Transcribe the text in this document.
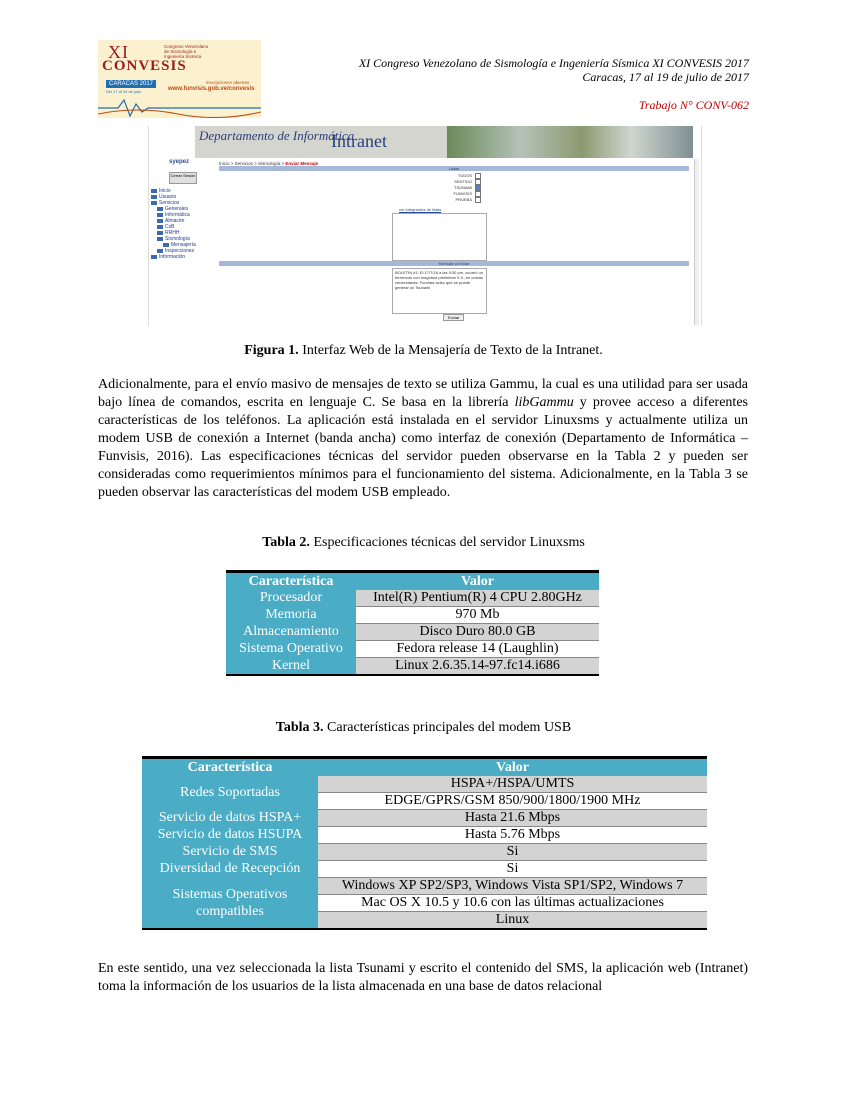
XI
CONVESIS
Congreso Venezolano de Sismología e Ingeniería Sísmica
CARACAS 2017
Del 17 al 19 de julio
inscripciones abiertas
www.funvisis.gob.ve/convesis
XI Congreso Venezolano de Sismología e Ingeniería Sísmica XI CONVESIS 2017
Caracas, 17 al 19 de julio de 2017
Trabajo N° CONV-062
Departamento de Informática
Intranet
syepez	Inicio > Servicios > Sismología > Enviar Mensaje
Cerrar Sesión
Inicio
Usuario
Servicios
Generales
Informática
Almacén
CxB
RRHH
Sismología
Mensajería
Inspecciones
Información
Listas
TODOS
SENTIDO
TSUNAMI
FUNVISIS
PRUEBA
ver integrantes de listas
Mensaje a Enviar
BOLETIN #1: El 17/7/16 a las 9:30 pm, ocurrió un terremoto con magnitud preliminar X.X, en costas venezolanas. Funvisis aviso que se puede generar un Tsunami
Enviar
Figura 1. Interfaz Web de la Mensajería de Texto de la Intranet.
Adicionalmente, para el envío masivo de mensajes de texto se utiliza Gammu, la cual es una utilidad para ser usada bajo línea de comandos, escrita en lenguaje C. Se basa en la librería libGammu y provee acceso a diferentes características de los teléfonos. La aplicación está instalada en el servidor Linuxsms y actualmente utiliza un modem USB de conexión a Internet (banda ancha) como interfaz de conexión (Departamento de Informática – Funvisis, 2016). Las especificaciones técnicas del servidor pueden observarse en la Tabla 2 y pueden ser consideradas como requerimientos mínimos para el funcionamiento del sistema. Adicionalmente, en la Tabla 3 se pueden observar las características del modem USB empleado.
Tabla 2. Especificaciones técnicas del servidor Linuxsms
Característica	Valor
Procesador	Intel(R) Pentium(R) 4 CPU 2.80GHz
Memoria	970 Mb
Almacenamiento	Disco Duro 80.0 GB
Sistema Operativo	Fedora release 14 (Laughlin)
Kernel	Linux 2.6.35.14-97.fc14.i686
Tabla 3. Características principales del modem USB
Característica	Valor
Redes Soportadas	HSPA+/HSPA/UMTS
	EDGE/GPRS/GSM 850/900/1800/1900 MHz
Servicio de datos HSPA+	Hasta 21.6 Mbps
Servicio de datos HSUPA	Hasta 5.76 Mbps
Servicio de SMS	Si
Diversidad de Recepción	Si
Sistemas Operativos
compatibles	Windows XP SP2/SP3, Windows Vista SP1/SP2, Windows 7
	Mac OS X 10.5 y 10.6 con las últimas actualizaciones
	Linux
En este sentido, una vez seleccionada la lista Tsunami y escrito el contenido del SMS, la aplicación web (Intranet) toma la información de los usuarios de la lista almacenada en una base de datos relacional
